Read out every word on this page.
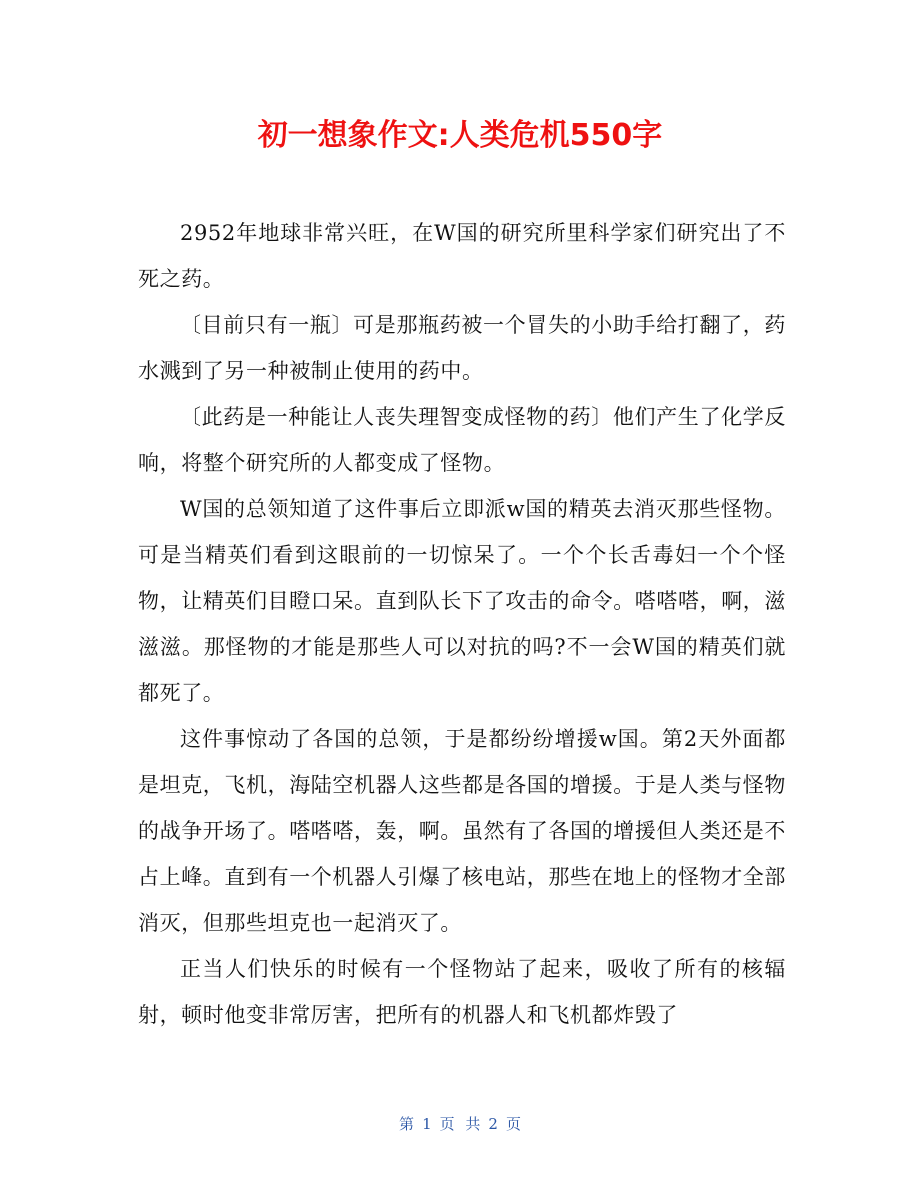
初一想象作文:人类危机550字

2952年地球非常兴旺，在W国的研究所里科学家们研究出了不死之药。

〔目前只有一瓶〕可是那瓶药被一个冒失的小助手给打翻了，药水溅到了另一种被制止使用的药中。

〔此药是一种能让人丧失理智变成怪物的药〕他们产生了化学反响，将整个研究所的人都变成了怪物。

W国的总领知道了这件事后立即派w国的精英去消灭那些怪物。可是当精英们看到这眼前的一切惊呆了。一个个长舌毒妇一个个怪物，让精英们目瞪口呆。直到队长下了攻击的命令。嗒嗒嗒，啊，滋滋滋。那怪物的才能是那些人可以对抗的吗?不一会W国的精英们就都死了。

这件事惊动了各国的总领，于是都纷纷增援w国。第2天外面都是坦克，飞机，海陆空机器人这些都是各国的增援。于是人类与怪物的战争开场了。嗒嗒嗒，轰，啊。虽然有了各国的增援但人类还是不占上峰。直到有一个机器人引爆了核电站，那些在地上的怪物才全部消灭，但那些坦克也一起消灭了。

正当人们快乐的时候有一个怪物站了起来，吸收了所有的核辐射，顿时他变非常厉害，把所有的机器人和飞机都炸毁了

第 1 页 共 2 页
